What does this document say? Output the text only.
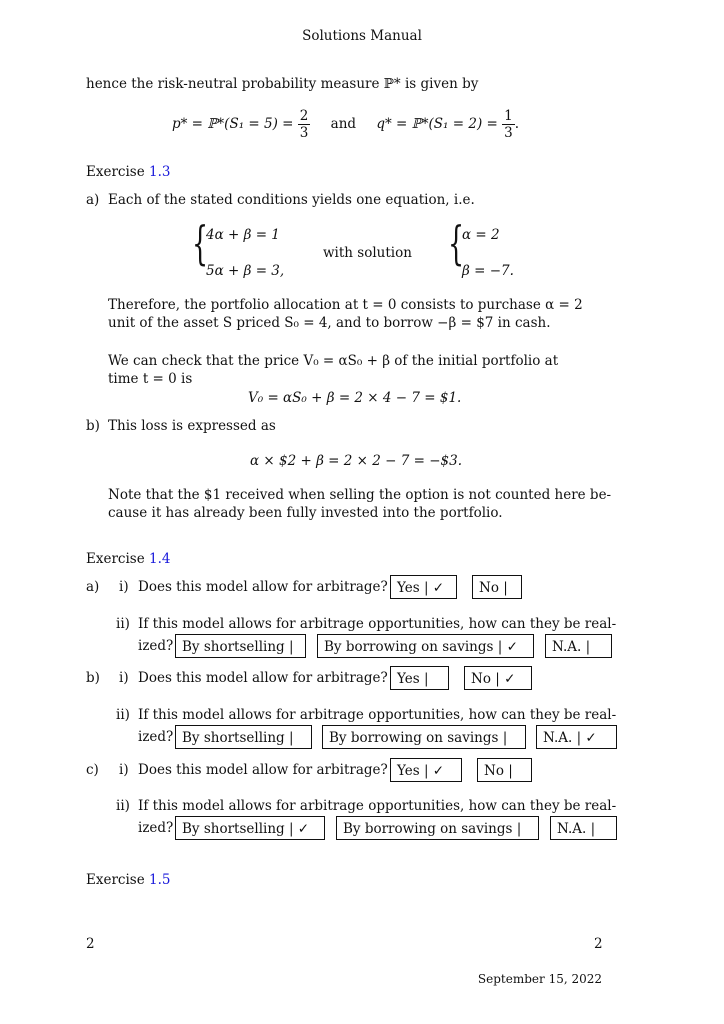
Solutions Manual
hence the risk-neutral probability measure ℙ* is given by
p* = ℙ*(S₁ = $5) = \frac{2}{3}$ and q* = ℙ*(S₁ = $2) = \frac{1}{3}$ .
Exercise 1.3
a) Each of the stated conditions yields one equation, i.e.
{
4α + β = 1
5α + β = 3,
with solution {
α = 2
β = −7.
Therefore, the portfolio allocation at t = 0 consists to purchase α = 2
unit of the asset S priced S₀ = 4, and to borrow −β = $7 in cash.
We can check that the price V₀ = αS₀ + β of the initial portfolio at
time t = 0 is
V₀ = αS₀ + β = 2 × 4 − 7 = $1.
b) This loss is expressed as
α × $2 + β = 2 × 2 − 7 = −$3.
Note that the $1 received when selling the option is not counted here be-
cause it has already been fully invested into the portfolio.
Exercise 1.4
a) i) Does this model allow for arbitrage? Yes | ✓	No |
ii) If this model allows for arbitrage opportunities, how can they be real-
ized? By shortselling |	By borrowing on savings | ✓	N.A. |
b) i) Does this model allow for arbitrage? Yes |	No | ✓
ii) If this model allows for arbitrage opportunities, how can they be real-
ized? By shortselling |	By borrowing on savings |	N.A. | ✓
c) i) Does this model allow for arbitrage? Yes | ✓	No |
ii) If this model allows for arbitrage opportunities, how can they be real-
ized? By shortselling | ✓	By borrowing on savings |	N.A. |
Exercise 1.5
2	2
September 15, 2022
